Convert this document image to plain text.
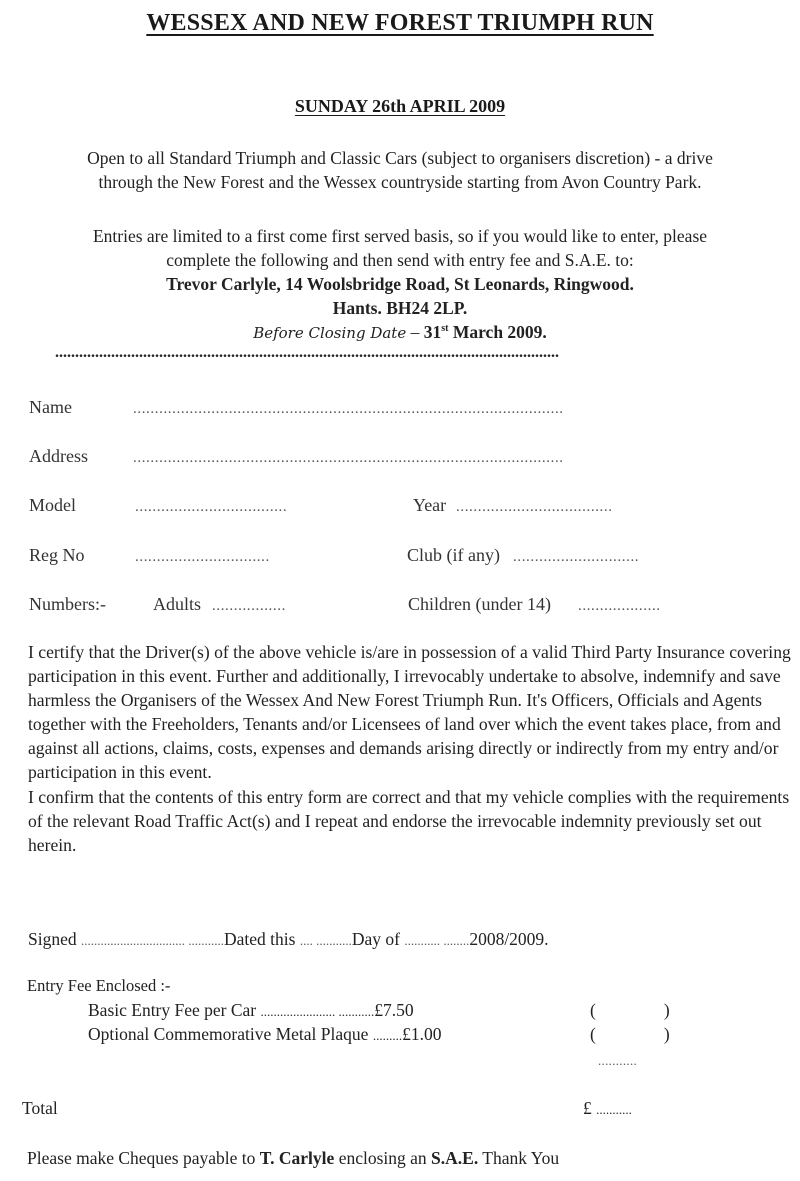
WESSEX AND NEW FOREST TRIUMPH RUN
SUNDAY 26th APRIL 2009
Open to all Standard Triumph and Classic Cars (subject to organisers discretion) - a drive
through the New Forest and the Wessex countryside starting from Avon Country Park.
Entries are limited to a first come first served basis, so if you would like to enter, please
complete the following and then send with entry fee and S.A.E. to:
Trevor Carlyle, 14 Woolsbridge Road, St Leonards, Ringwood.
Hants. BH24 2LP.
Before Closing Date – 31st March 2009.
..............................................................................................................................
Name	...................................................................................................
Address	...................................................................................................
Model	...................................	Year ....................................
Reg No	...............................	Club (if any) .............................
Numbers:-	Adults .................	Children (under 14) ...................

I certify that the Driver(s) of the above vehicle is/are in possession of a valid Third Party Insurance covering participation in this event. Further and additionally, I irrevocably undertake to absolve, indemnify and save harmless the Organisers of the Wessex And New Forest Triumph Run. It's Officers, Officials and Agents together with the Freeholders, Tenants and/or Licensees of land over which the event takes place, from and against all actions, claims, costs, expenses and demands arising directly or indirectly from my entry and/or participation in this event.

I confirm that the contents of this entry form are correct and that my vehicle complies with the requirements of the relevant Road Traffic Act(s) and I repeat and endorse the irrevocable indemnity previously set out herein.

Signed ................................ ...........Dated this .... ...........Day of ........... ........2008/2009.
Entry Fee Enclosed :-
Basic Entry Fee per Car ....................... ...........£7.50	(	)
Optional Commemorative Metal Plaque .........£1.00	(	)
...........
Total	£ ...........
Please make Cheques payable to T. Carlyle enclosing an S.A.E. Thank You
